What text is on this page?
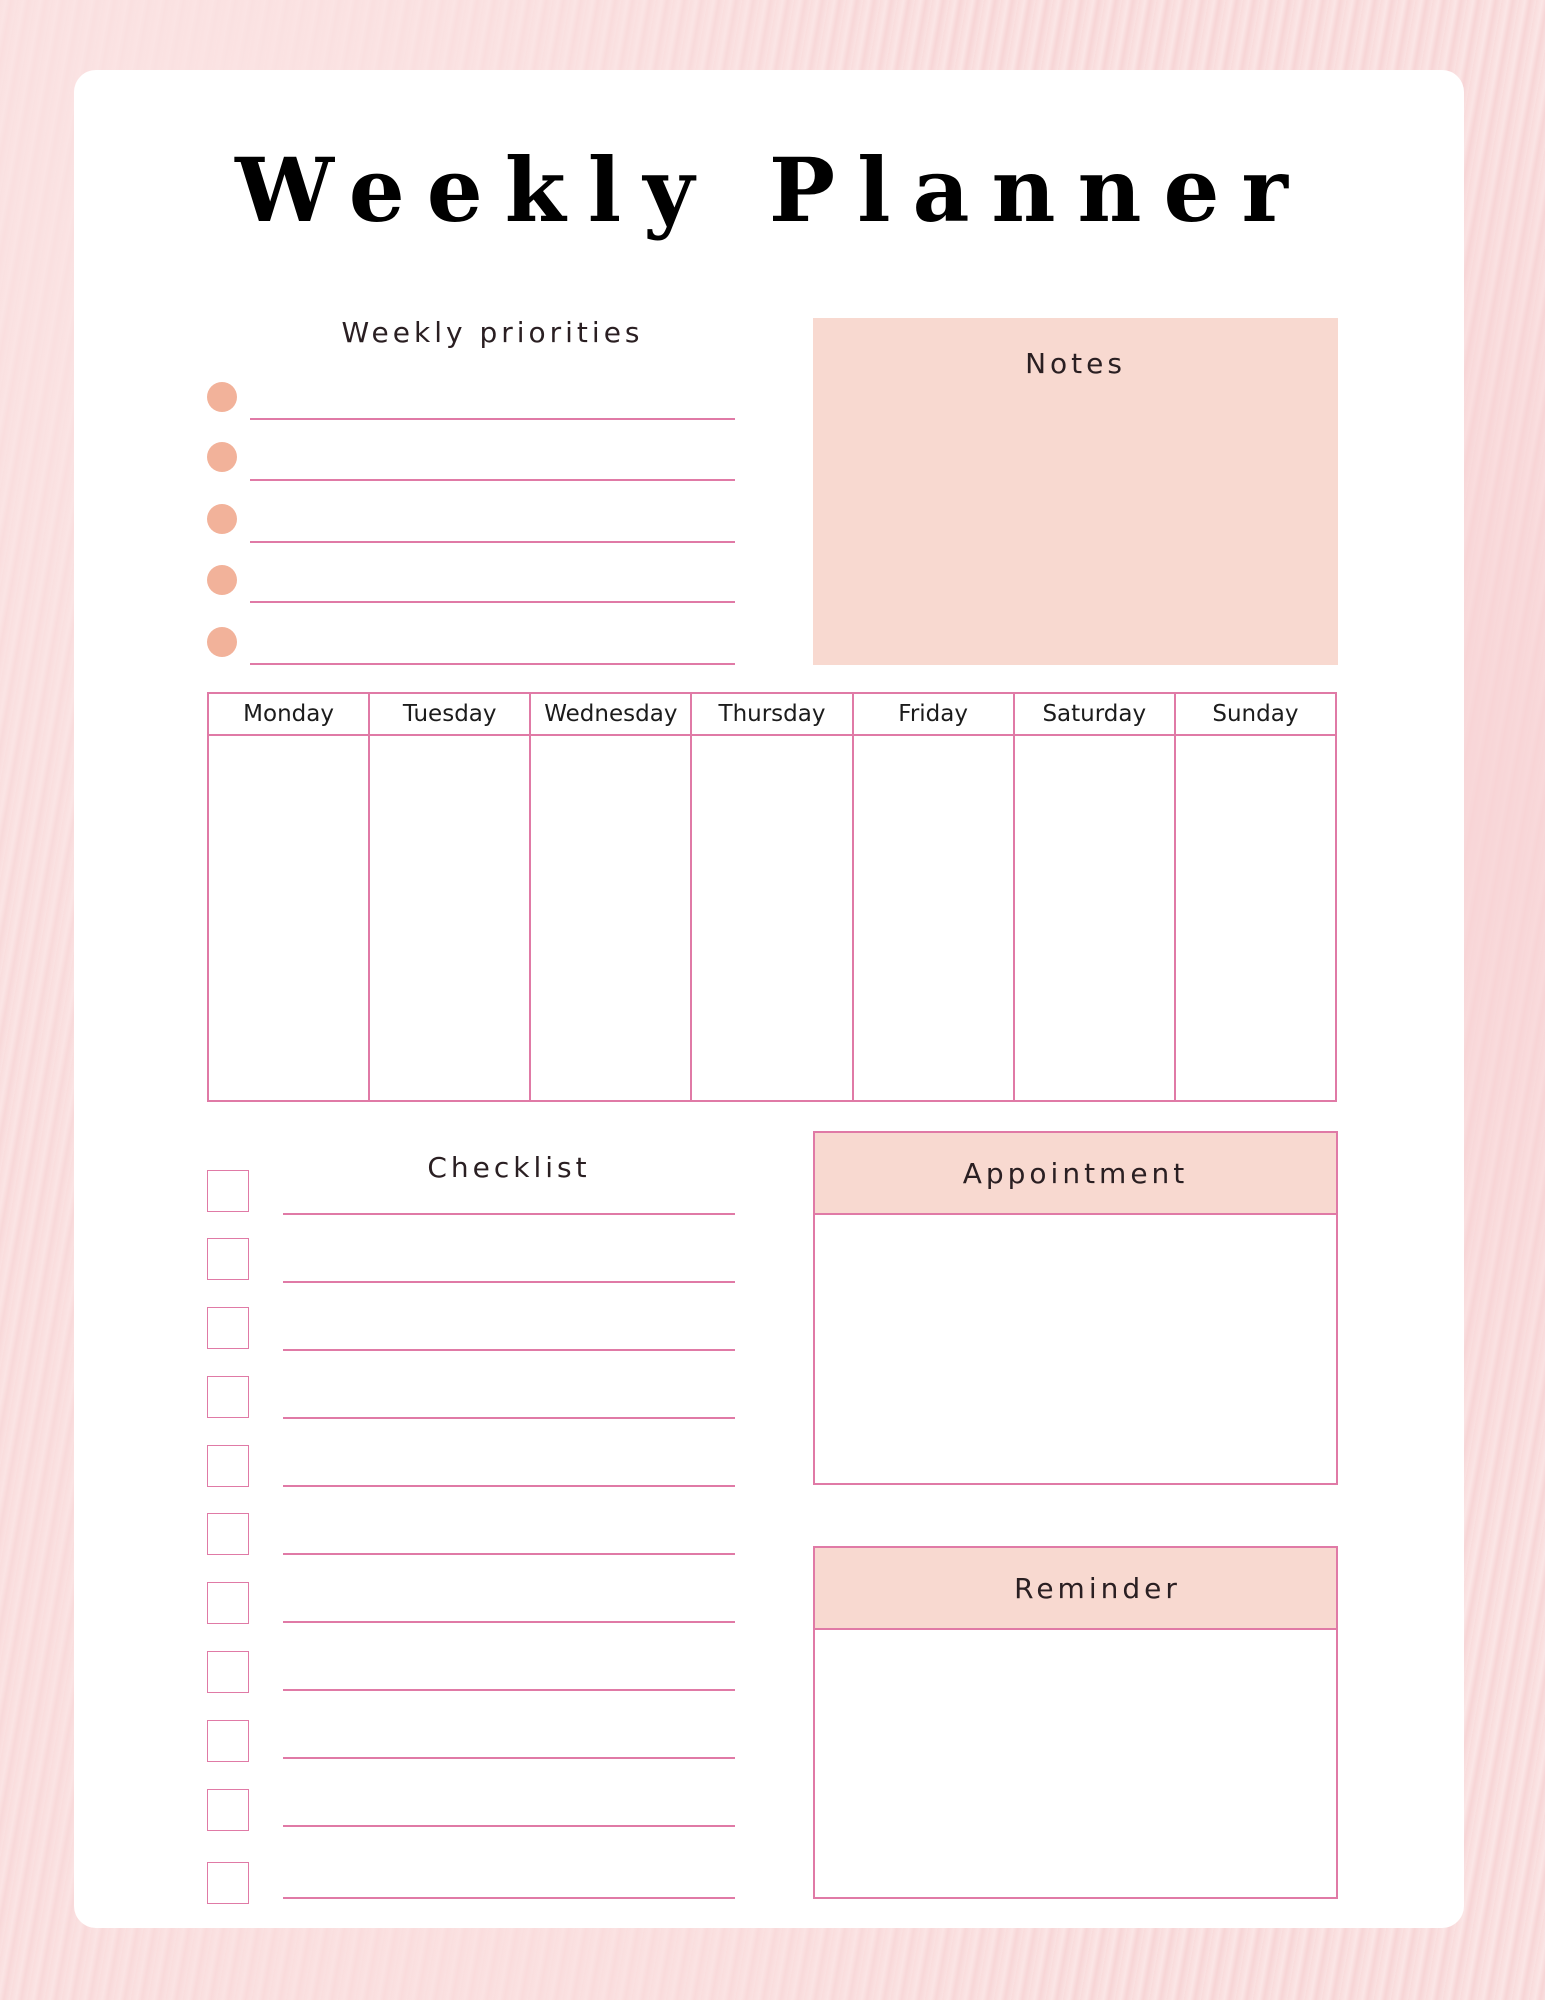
Weekly Planner
Weekly priorities
Notes
Monday	Tuesday	Wednesday	Thursday	Friday	Saturday	Sunday
Checklist	Appointment
Reminder
